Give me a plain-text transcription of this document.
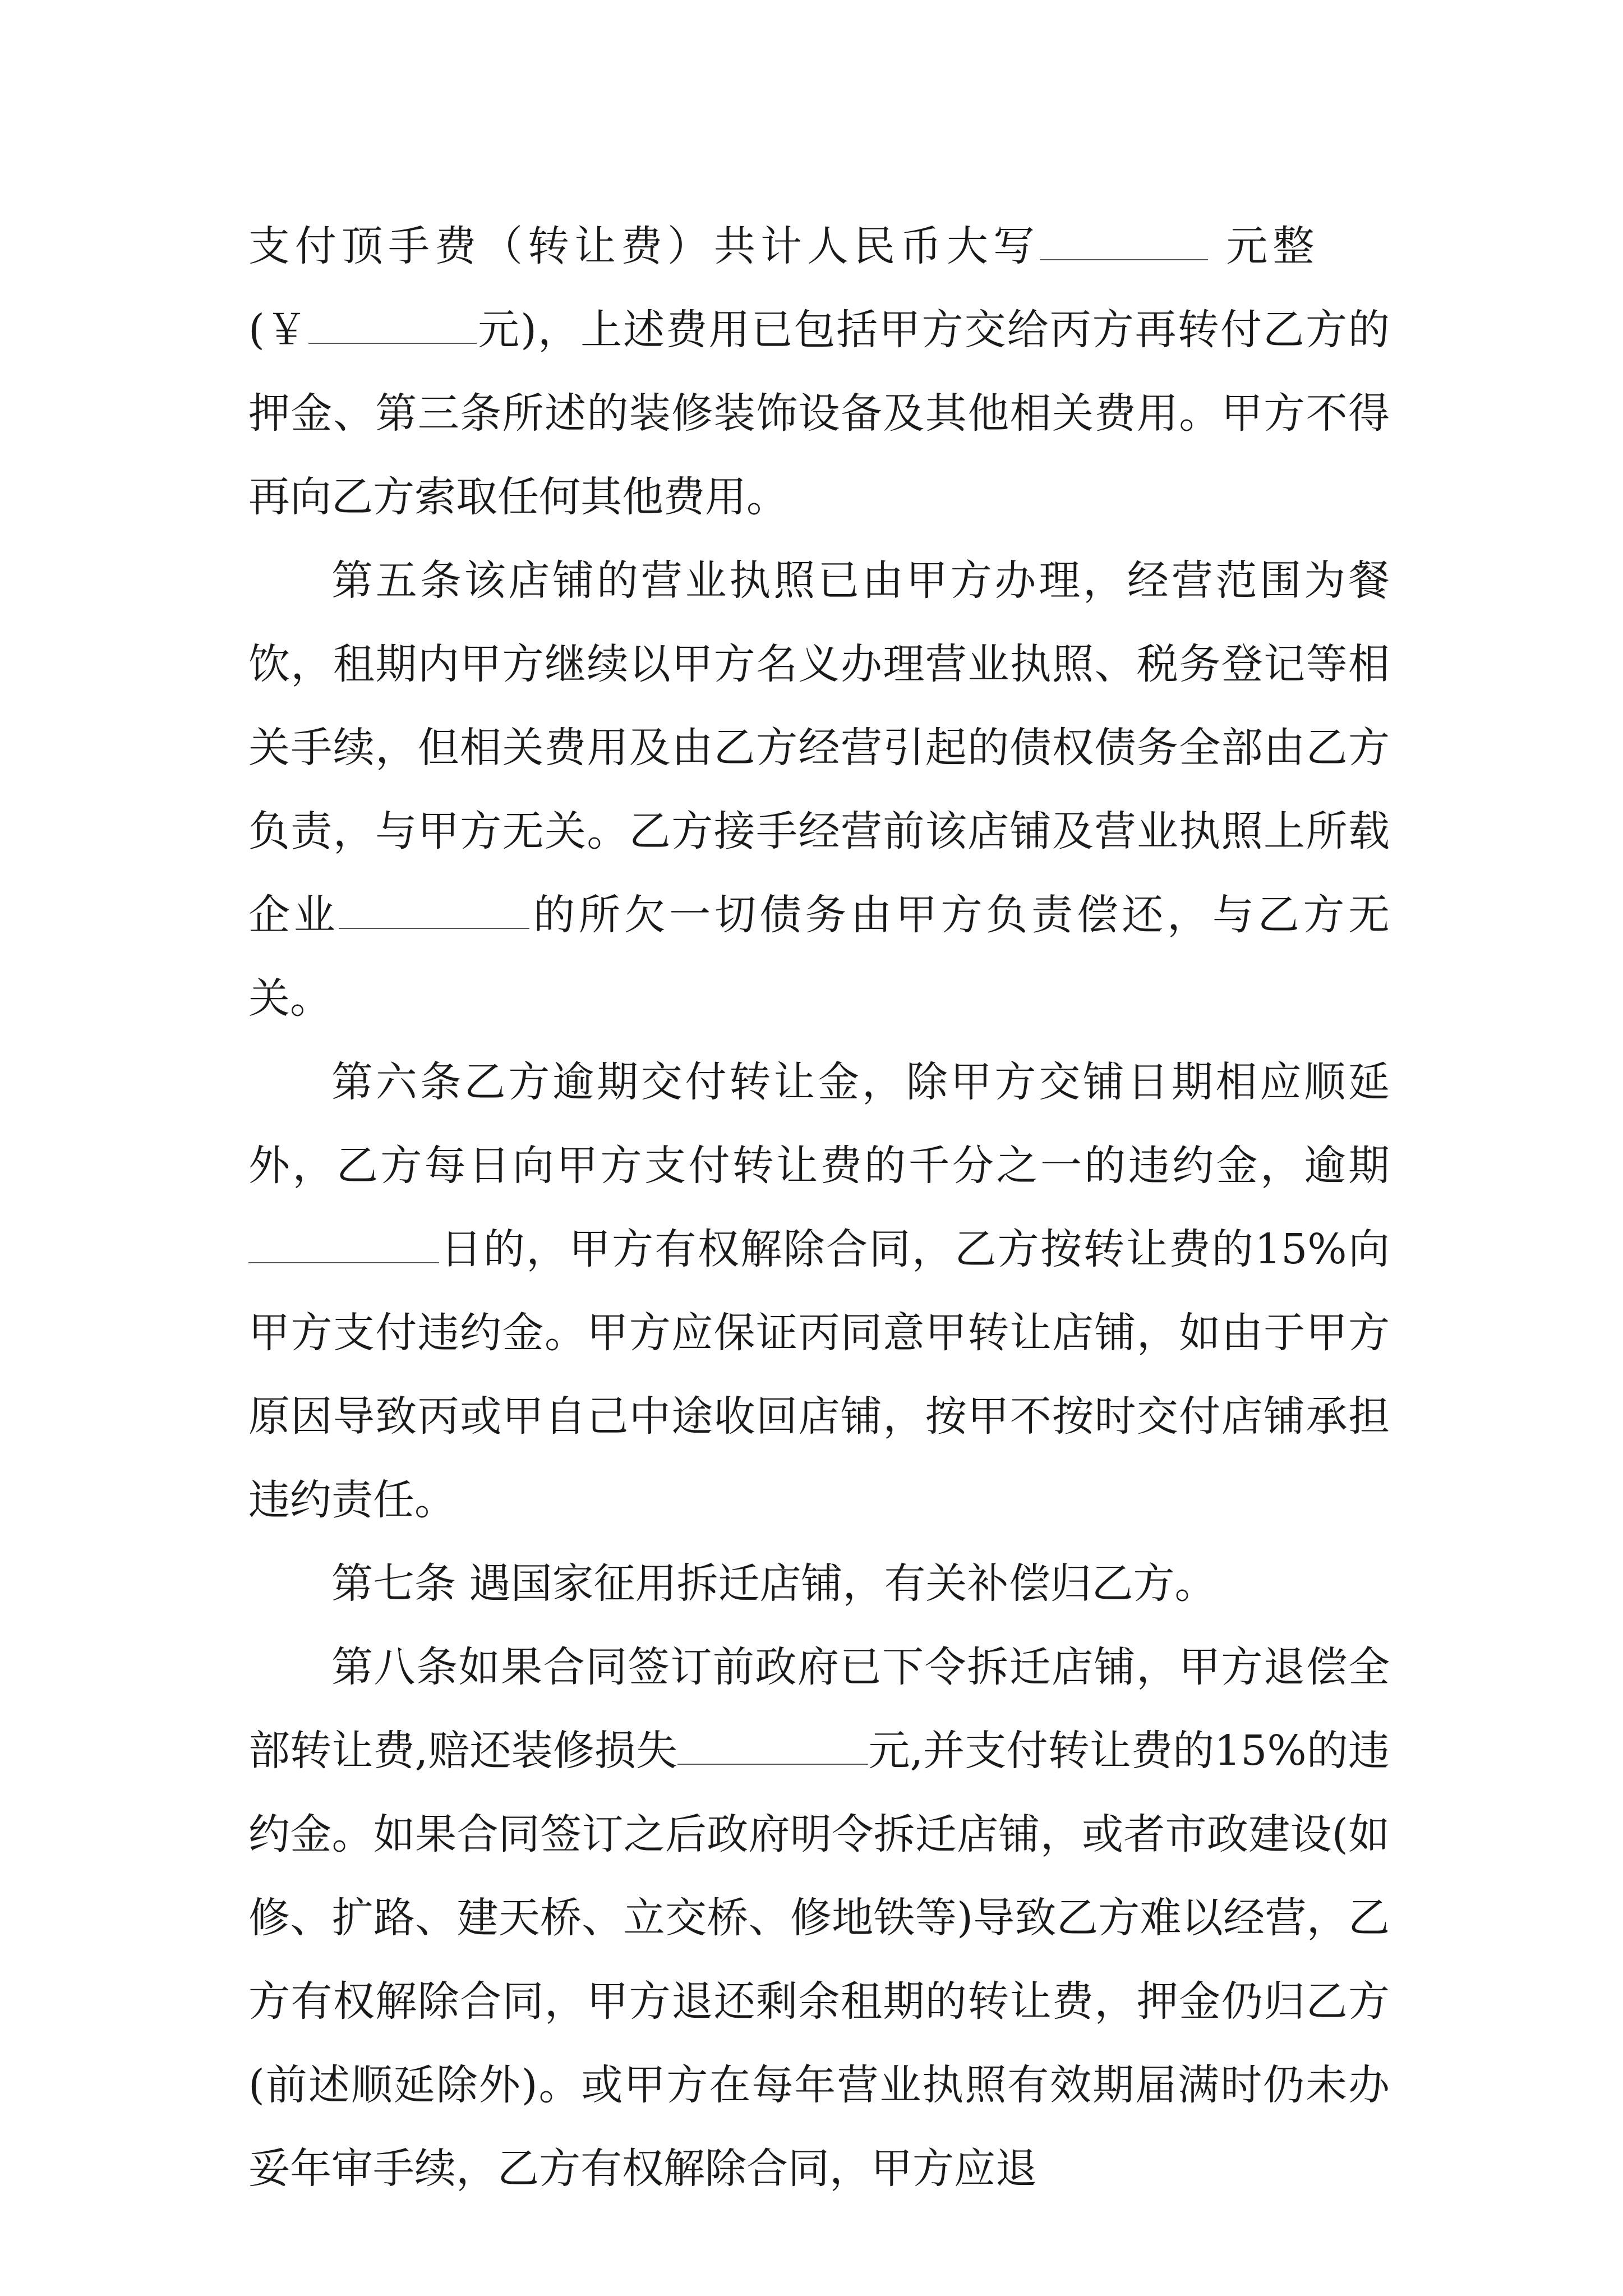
支付顶手费（转让费）共计人民币大写	元整

(￥	元)，上述费用已包括甲方交给丙方再转付乙方的押金、第三条所述的装修装饰设备及其他相关费用。甲方不得再向乙方索取任何其他费用。

第五条该店铺的营业执照已由甲方办理，经营范围为餐饮，租期内甲方继续以甲方名义办理营业执照、税务登记等相关手续，但相关费用及由乙方经营引起的债权债务全部由乙方负责，与甲方无关。乙方接手经营前该店铺及营业执照上所载企业	的所欠一切债务由甲方负责偿还，与乙方无关。

第六条乙方逾期交付转让金，除甲方交铺日期相应顺延外，乙方每日向甲方支付转让费的千分之一的违约金，逾期日的，甲方有权解除合同，乙方按转让费的15%向甲方支付违约金。甲方应保证丙同意甲转让店铺，如由于甲方原因导致丙或甲自己中途收回店铺，按甲不按时交付店铺承担违约责任。

第七条 遇国家征用拆迁店铺，有关补偿归乙方。

第八条如果合同签订前政府已下令拆迁店铺，甲方退偿全部转让费,赔还装修损失	元,并支付转让费的15%的违约金。如果合同签订之后政府明令拆迁店铺，或者市政建设(如修、扩路、建天桥、立交桥、修地铁等)导致乙方难以经营，乙方有权解除合同，甲方退还剩余租期的转让费，押金仍归乙方(前述顺延除外)。或甲方在每年营业执照有效期届满时仍未办妥年审手续，乙方有权解除合同，甲方应退
